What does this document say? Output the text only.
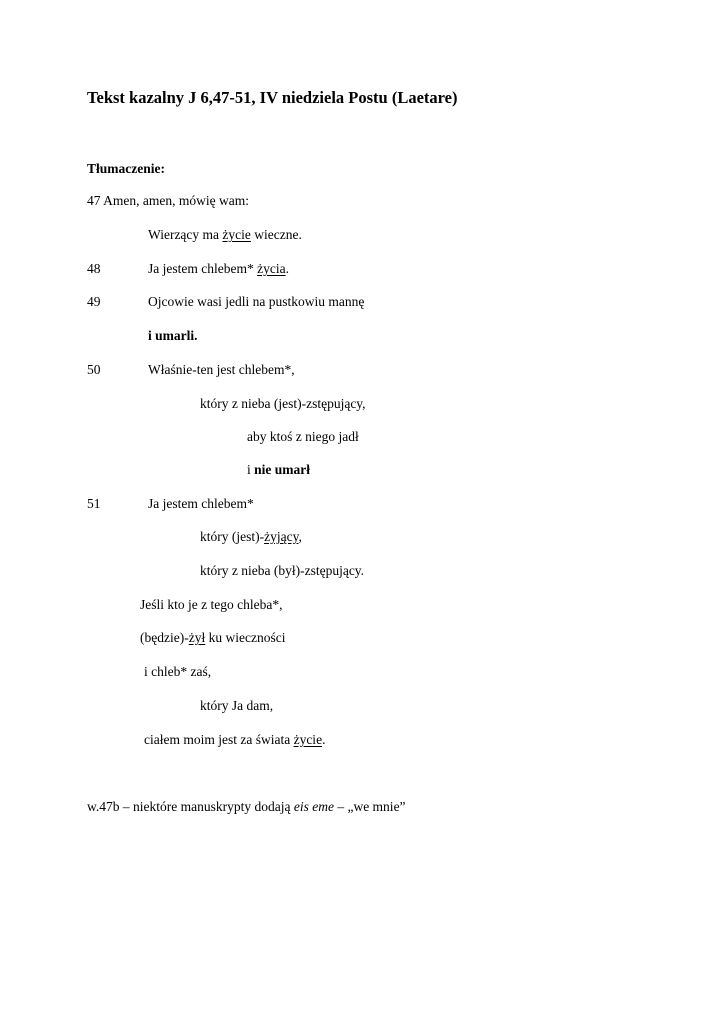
Tekst kazalny J 6,47-51, IV niedziela Postu (Laetare)
Tłumaczenie:
47 Amen, amen, mówię wam:
Wierzący ma życie wieczne.
48	Ja jestem chlebem* życia.
49	Ojcowie wasi jedli na pustkowiu mannę
i umarli.
50	Właśnie-ten jest chlebem*,
który z nieba (jest)-zstępujący,
aby ktoś z niego jadł
i nie umarł
51	Ja jestem chlebem*
który (jest)-żyjący,
który z nieba (był)-zstępujący.
Jeśli kto je z tego chleba*,
(będzie)-żył ku wieczności
i chleb* zaś,
który Ja dam,
ciałem moim jest za świata życie.
w.47b – niektóre manuskrypty dodają eis eme – „we mnie”
